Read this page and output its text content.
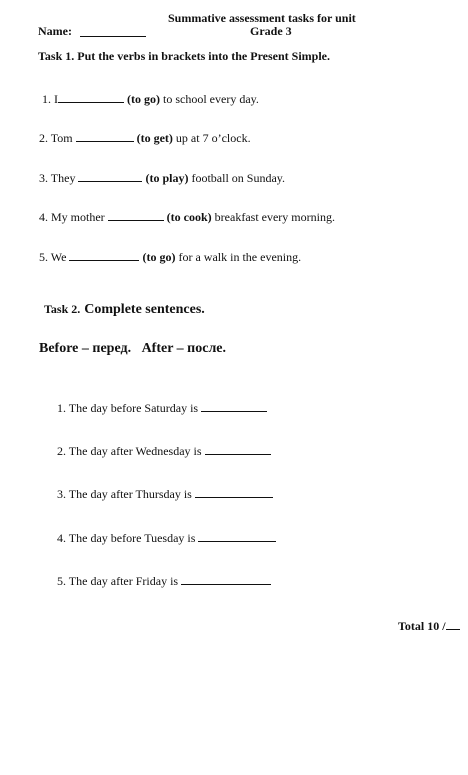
Summative assessment tasks for unit
Grade 3
Name:
Task 1. Put the verbs in brackets into the Present Simple.
1. I	(to go) to school every day.
2. Tom	(to get) up at 7 o’clock.
3. They	(to play) football on Sunday.
4. My mother	(to cook) breakfast every morning.
5. We	(to go) for a walk in the evening.
Task 2. Complete sentences.
Before – перед.   After – после.
1. The day before Saturday is
2. The day after Wednesday is
3. The day after Thursday is
4. The day before Tuesday is
5. The day after Friday is
Total 10 /
